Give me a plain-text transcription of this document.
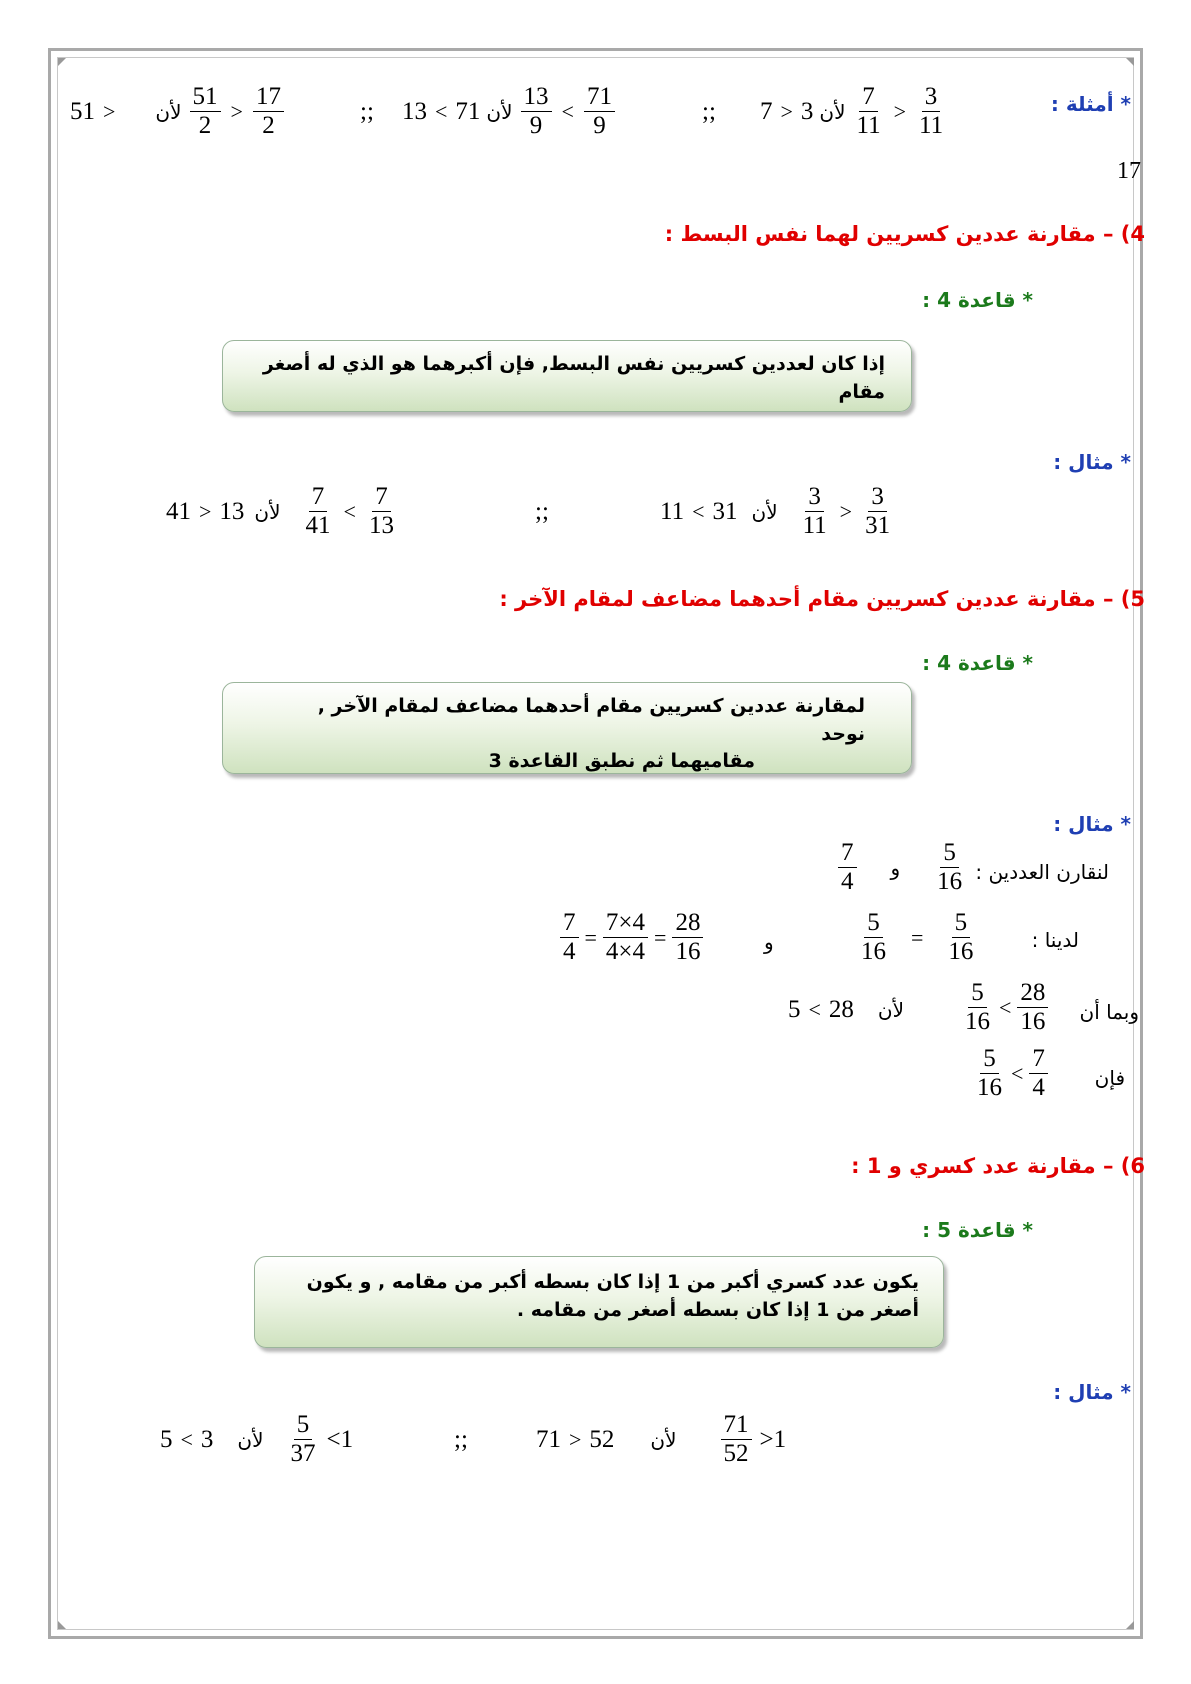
* أمثلة :
7 > 3 لأن $\frac{7}{11} > \frac{3}{11}$
;;
13 < 71 لأن $\frac{13}{9} < \frac{71}{9}$
;;
51 > لأن $\frac{51}{2} > \frac{17}{2}$
17
4) – مقارنة عددين كسريين لهما نفس البسط :
* قاعدة 4 :
إذا كان لعددين كسريين نفس البسط, فإن أكبرهما هو الذي له أصغر مقام
* مثال :
11 < 31 لأن $\frac{3}{11} > \frac{3}{31}$
;;
41 > 13 لأن $\frac{7}{41} < \frac{7}{13}$
5) – مقارنة عددين كسريين مقام أحدهما مضاعف لمقام الآخر :
* قاعدة 4 :
لمقارنة عددين كسريين مقام أحدهما مضاعف لمقام الآخر , نوحد
مقاميهما ثم نطبق القاعدة 3
* مثال :
لنقارن العددين :
$\frac{7}{4}$ و $\frac{5}{16}$
لدينا :
$\frac{5}{16} = \frac{5}{16}$
و
$\frac{7}{4} = \frac{7\times 4}{4\times 4} = \frac{28}{16}$
وبما أن
$\frac{5}{16} < \frac{28}{16}$
5 < 28 لأن
فإن
$\frac{5}{16} < \frac{7}{4}$
6) – مقارنة عدد كسري و 1 :
* قاعدة 5 :
يكون عدد كسري أكبر من 1 إذا كان بسطه أكبر من مقامه , و يكون
أصغر من 1 إذا كان بسطه أصغر من مقامه .
* مثال :
71 > 52 لأن $\frac{71}{52} >1$
;;
5 < 3 لأن $\frac{5}{37} <1$
